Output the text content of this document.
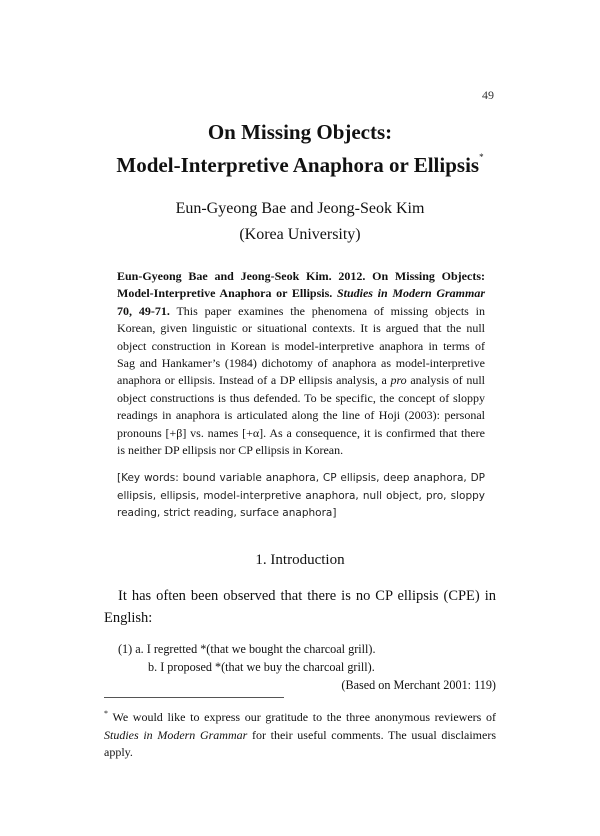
49
On Missing Objects:
Model-Interpretive Anaphora or Ellipsis*
Eun-Gyeong Bae and Jeong-Seok Kim
(Korea University)
Eun-Gyeong Bae and Jeong-Seok Kim. 2012. On Missing Objects: Model-Interpretive Anaphora or Ellipsis. Studies in Modern Grammar 70, 49-71. This paper examines the phenomena of missing objects in Korean, given linguistic or situational contexts. It is argued that the null object construction in Korean is model-interpretive anaphora in terms of Sag and Hankamer’s (1984) dichotomy of anaphora as model-interpretive anaphora or ellipsis. Instead of a DP ellipsis analysis, a pro analysis of null object constructions is thus defended. To be specific, the concept of sloppy readings in anaphora is articulated along the line of Hoji (2003): personal pronouns [+β] vs. names [+α]. As a consequence, it is confirmed that there is neither DP ellipsis nor CP ellipsis in Korean.
[Key words: bound variable anaphora, CP ellipsis, deep anaphora, DP ellipsis, ellipsis, model-interpretive anaphora, null object, pro, sloppy reading, strict reading, surface anaphora]
1. Introduction
It has often been observed that there is no CP ellipsis (CPE) in English:
(1) a. I regretted *(that we bought the charcoal grill).
b. I proposed *(that we buy the charcoal grill).
(Based on Merchant 2001: 119)
* We would like to express our gratitude to the three anonymous reviewers of Studies in Modern Grammar for their useful comments. The usual disclaimers apply.
